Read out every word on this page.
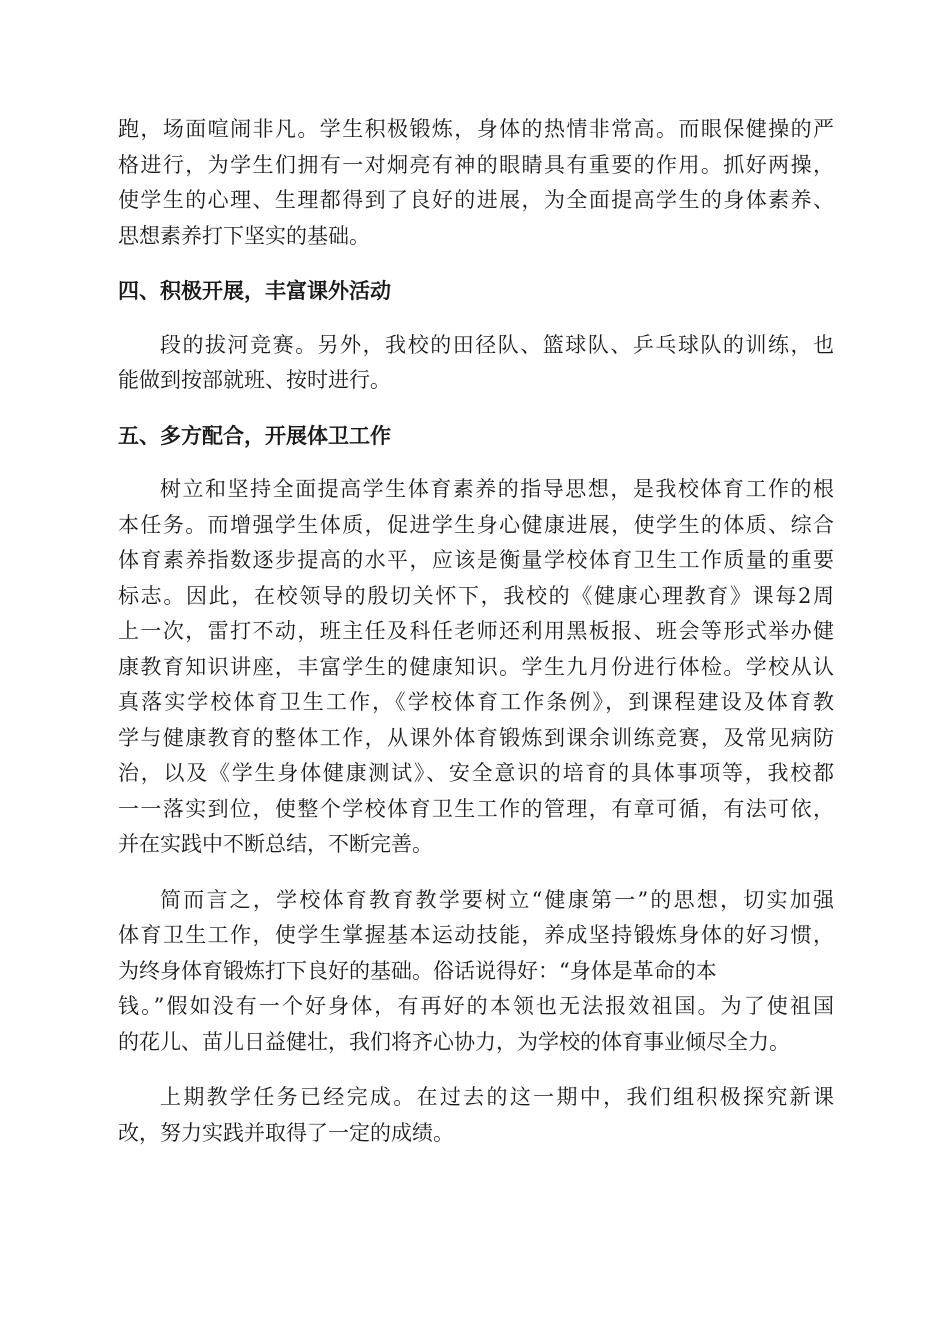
跑，场面喧闹非凡。学生积极锻炼，身体的热情非常高。而眼保健操的严
格进行，为学生们拥有一对炯亮有神的眼睛具有重要的作用。抓好两操，
使学生的心理、生理都得到了良好的进展，为全面提高学生的身体素养、
思想素养打下坚实的基础。

四、积极开展，丰富课外活动

段的拔河竞赛。另外，我校的田径队、篮球队、乒乓球队的训练，也
能做到按部就班、按时进行。

五、多方配合，开展体卫工作

树立和坚持全面提高学生体育素养的指导思想，是我校体育工作的根
本任务。而增强学生体质，促进学生身心健康进展，使学生的体质、综合
体育素养指数逐步提高的水平，应该是衡量学校体育卫生工作质量的重要
标志。因此，在校领导的殷切关怀下，我校的《健康心理教育》课每2周
上一次，雷打不动，班主任及科任老师还利用黑板报、班会等形式举办健
康教育知识讲座，丰富学生的健康知识。学生九月份进行体检。学校从认
真落实学校体育卫生工作，《学校体育工作条例》，到课程建设及体育教
学与健康教育的整体工作，从课外体育锻炼到课余训练竞赛，及常见病防
治，以及《学生身体健康测试》、安全意识的培育的具体事项等，我校都
一一落实到位，使整个学校体育卫生工作的管理，有章可循，有法可依，
并在实践中不断总结，不断完善。

简而言之，学校体育教育教学要树立“健康第一”的思想，切实加强
体育卫生工作，使学生掌握基本运动技能，养成坚持锻炼身体的好习惯，
为终身体育锻炼打下良好的基础。俗话说得好：“身体是革命的本
钱。”假如没有一个好身体，有再好的本领也无法报效祖国。为了使祖国
的花儿、苗儿日益健壮，我们将齐心协力，为学校的体育事业倾尽全力。

上期教学任务已经完成。在过去的这一期中，我们组积极探究新课
改，努力实践并取得了一定的成绩。
